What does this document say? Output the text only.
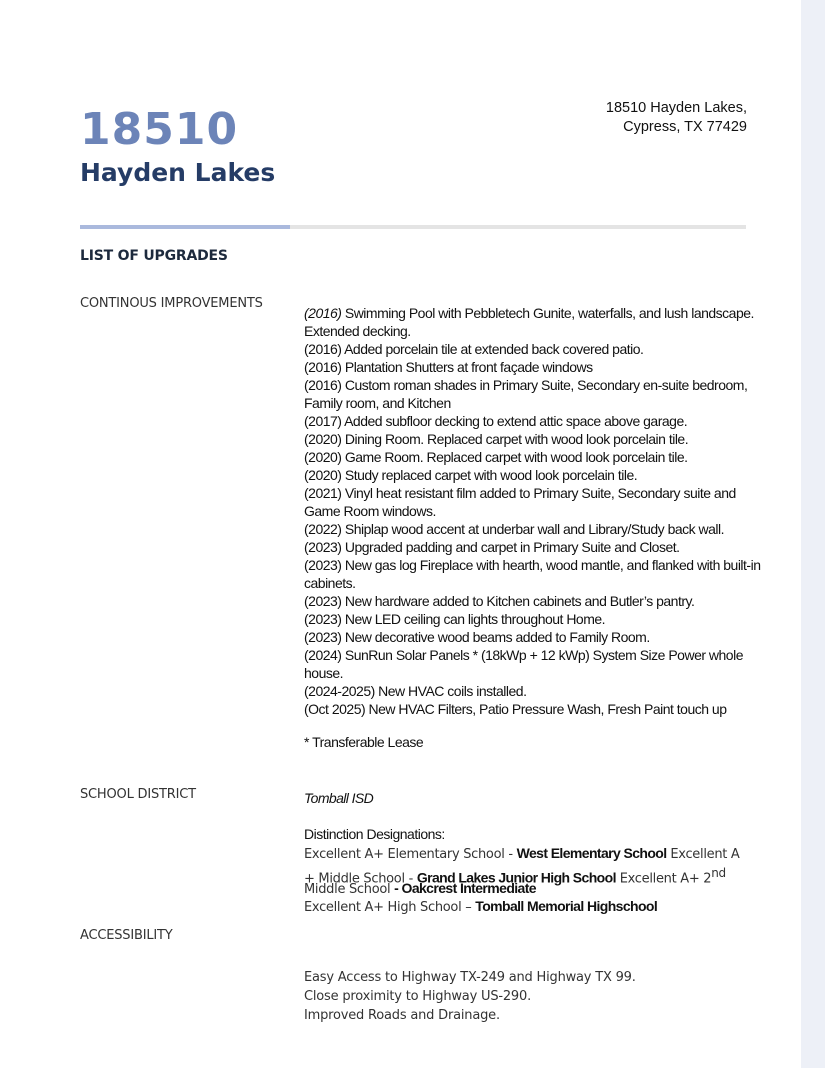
18510
Hayden Lakes
18510 Hayden Lakes,
Cypress, TX 77429
LIST OF UPGRADES
CONTINOUS IMPROVEMENTS
(2016) Swimming Pool with Pebbletech Gunite, waterfalls, and lush landscape. Extended decking.
(2016) Added porcelain tile at extended back covered patio.
(2016) Plantation Shutters at front façade windows
(2016) Custom roman shades in Primary Suite, Secondary en-suite bedroom, Family room, and Kitchen
(2017) Added subfloor decking to extend attic space above garage.
(2020) Dining Room. Replaced carpet with wood look porcelain tile.
(2020) Game Room. Replaced carpet with wood look porcelain tile.
(2020) Study replaced carpet with wood look porcelain tile.
(2021) Vinyl heat resistant film added to Primary Suite, Secondary suite and Game Room windows.
(2022) Shiplap wood accent at underbar wall and Library/Study back wall. (2023) Upgraded padding and carpet in Primary Suite and Closet.
(2023) New gas log Fireplace with hearth, wood mantle, and flanked with built-in cabinets.
(2023) New hardware added to Kitchen cabinets and Butler’s pantry.
(2023) New LED ceiling can lights throughout Home.
(2023) New decorative wood beams added to Family Room.
(2024) SunRun Solar Panels * (18kWp + 12 kWp) System Size Power whole house.
(2024-2025) New HVAC coils installed.
(Oct 2025) New HVAC Filters, Patio Pressure Wash, Fresh Paint touch up
* Transferable Lease
SCHOOL DISTRICT	Tomball ISD
Distinction Designations:
Excellent A+ Elementary School - West Elementary School Excellent A
+ Middle School - Grand Lakes Junior High School Excellent A+ 2nd
Middle School - Oakcrest Intermediate
Excellent A+ High School – Tomball Memorial Highschool
ACCESSIBILITY
Easy Access to Highway TX-249 and Highway TX 99.
Close proximity to Highway US-290.
Improved Roads and Drainage.
